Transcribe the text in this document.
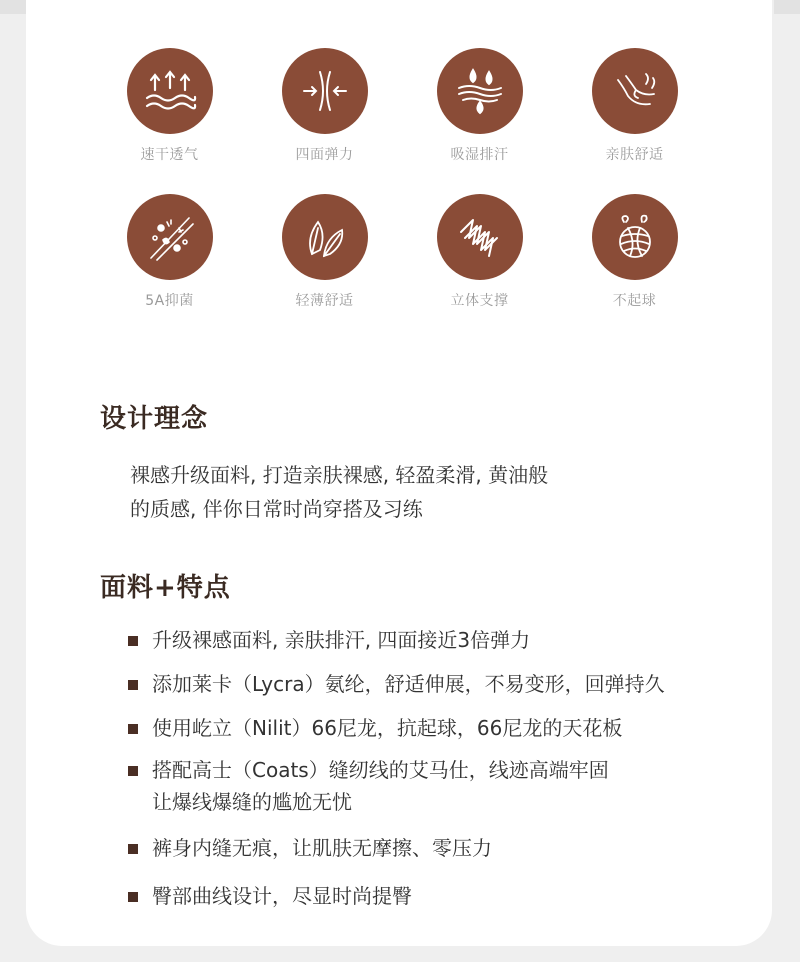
速干透气	四面弹力	吸湿排汗	亲肤舒适
5A抑菌	轻薄舒适	立体支撑	不起球
设计理念
裸感升级面料, 打造亲肤裸感, 轻盈柔滑, 黄油般
的质感, 伴你日常时尚穿搭及习练
面料+特点
升级裸感面料, 亲肤排汗, 四面接近3倍弹力
添加莱卡（Lycra）氨纶，舒适伸展，不易变形，回弹持久
使用屹立（Nilit）66尼龙，抗起球，66尼龙的天花板
搭配高士（Coats）缝纫线的艾马仕，线迹高端牢固
让爆线爆缝的尴尬无忧
裤身内缝无痕，让肌肤无摩擦、零压力
臀部曲线设计，尽显时尚提臀
